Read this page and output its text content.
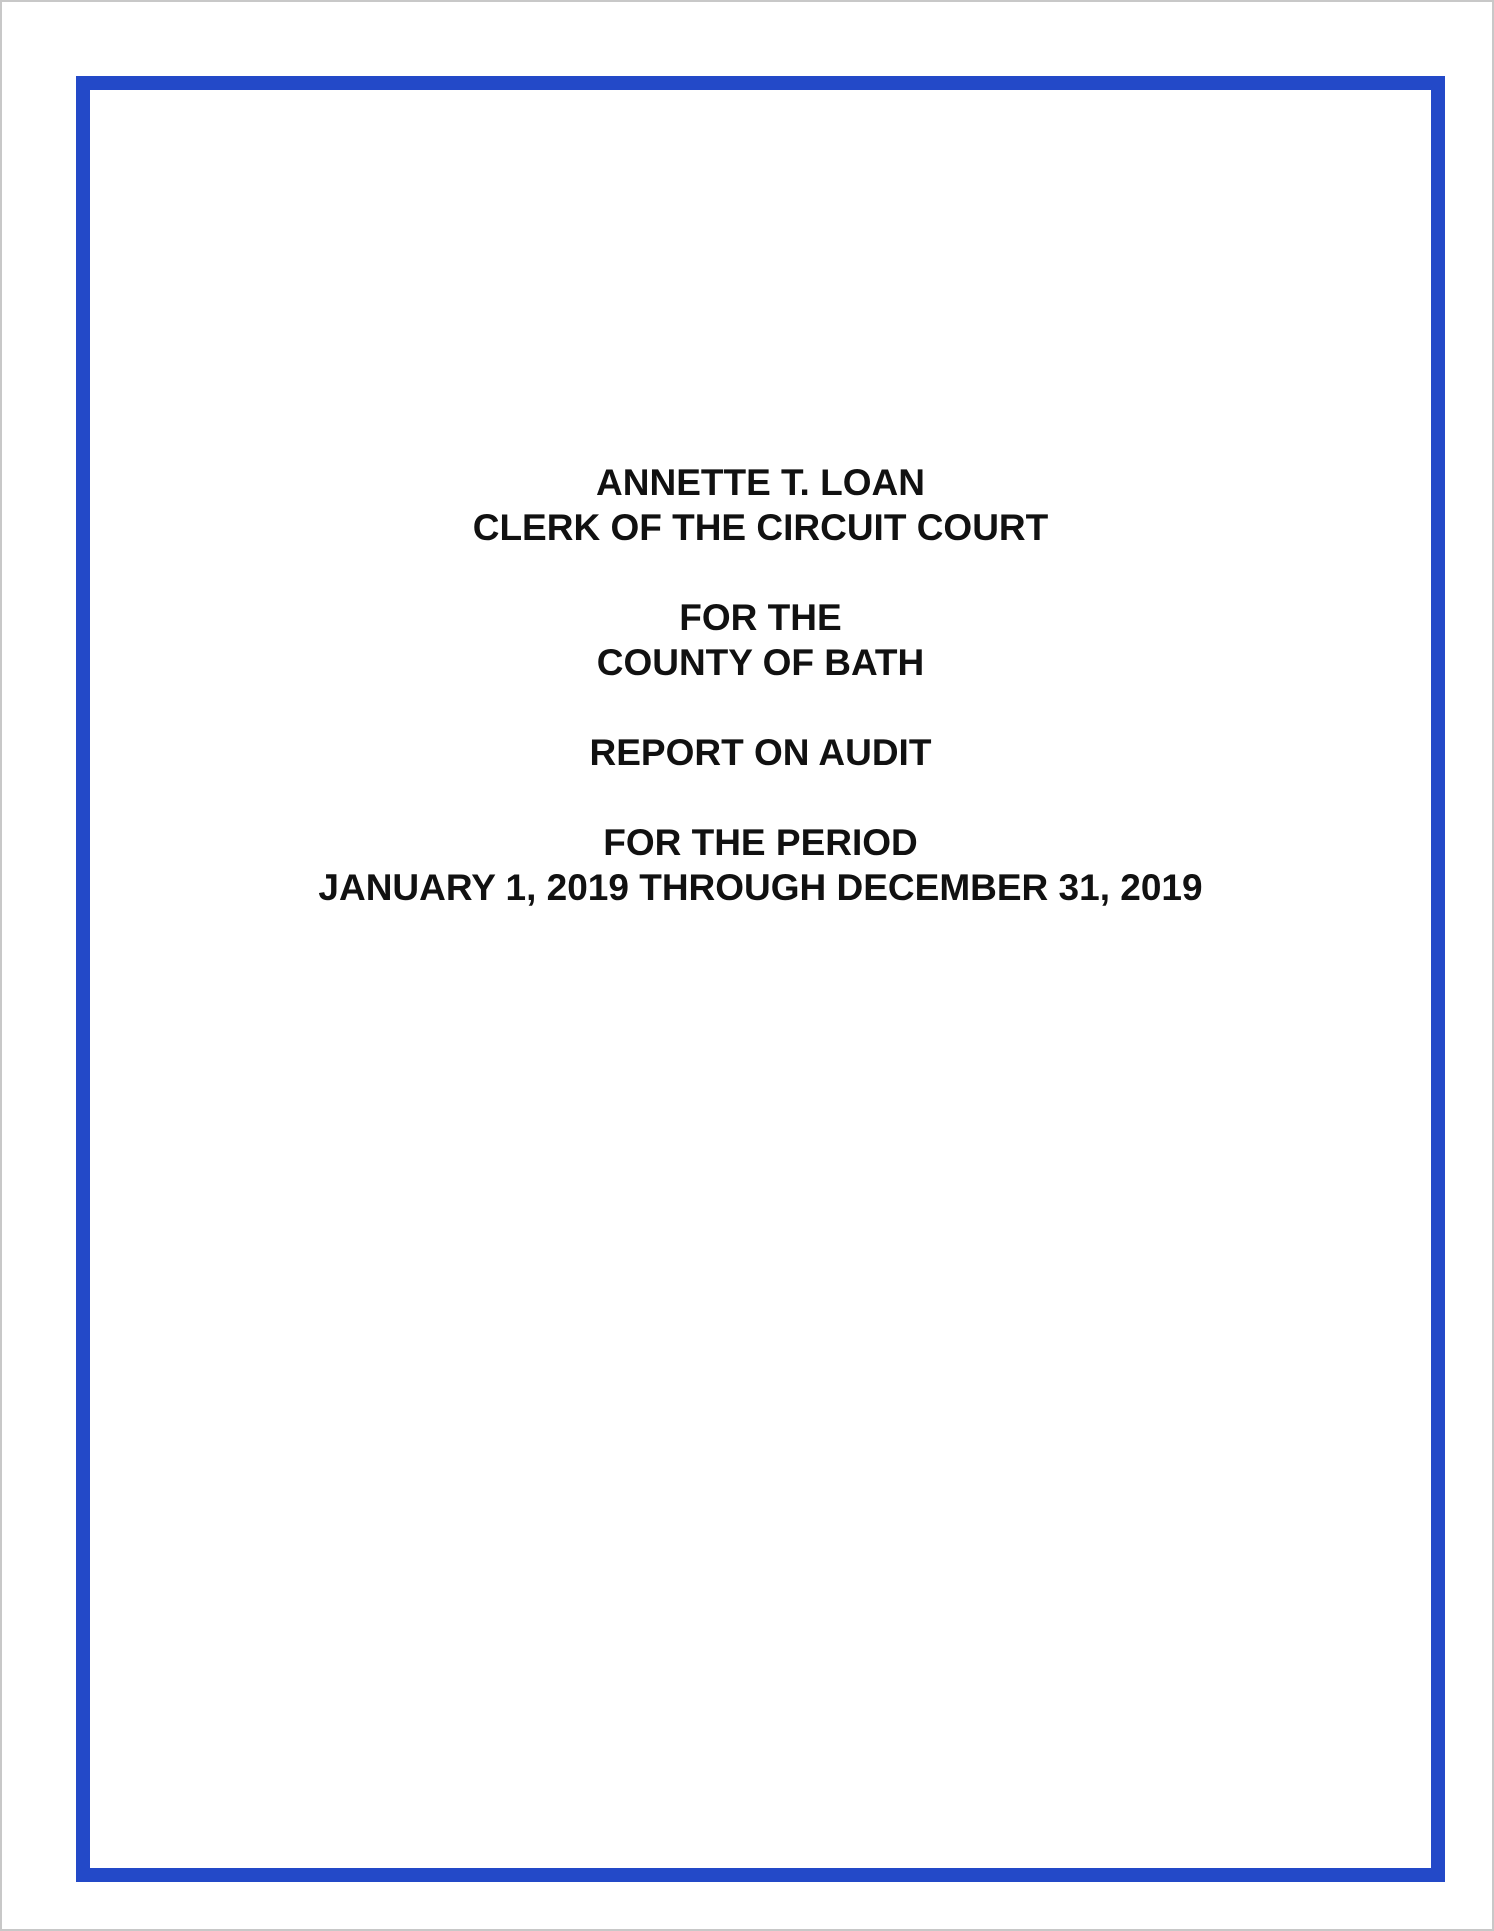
ANNETTE T. LOAN
CLERK OF THE CIRCUIT COURT
FOR THE
COUNTY OF BATH
REPORT ON AUDIT
FOR THE PERIOD
JANUARY 1, 2019 THROUGH DECEMBER 31, 2019
